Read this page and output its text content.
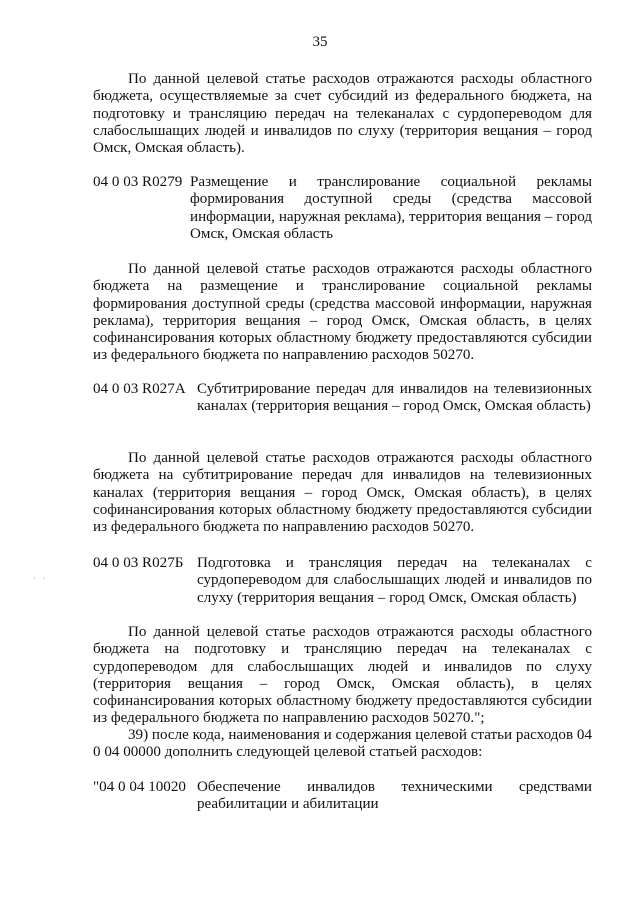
35
· ·
По данной целевой статье расходов отражаются расходы областного бюджета, осуществляемые за счет субсидий из федерального бюджета, на подготовку и трансляцию передач на телеканалах с сурдопереводом для слабослышащих людей и инвалидов по слуху (территория вещания – город Омск, Омская область).
04 0 03 R0279 Размещение и транслирование социальной рекламы формирования доступной среды (средства массовой информации, наружная реклама), территория вещания – город Омск, Омская область
По данной целевой статье расходов отражаются расходы областного бюджета на размещение и транслирование социальной рекламы формирования доступной среды (средства массовой информации, наружная реклама), территория вещания – город Омск, Омская область, в целях софинансирования которых областному бюджету предоставляются субсидии из федерального бюджета по направлению расходов 50270.
04 0 03 R027А Субтитрирование передач для инвалидов на телевизионных каналах (территория вещания – город Омск, Омская область)
По данной целевой статье расходов отражаются расходы областного бюджета на субтитрирование передач для инвалидов на телевизионных каналах (территория вещания – город Омск, Омская область), в целях софинансирования которых областному бюджету предоставляются субсидии из федерального бюджета по направлению расходов 50270.
04 0 03 R027Б Подготовка и трансляция передач на телеканалах с сурдопереводом для слабослышащих людей и инвалидов по слуху (территория вещания – город Омск, Омская область)
По данной целевой статье расходов отражаются расходы областного бюджета на подготовку и трансляцию передач на телеканалах с сурдопереводом для слабослышащих людей и инвалидов по слуху (территория вещания – город Омск, Омская область), в целях софинансирования которых областному бюджету предоставляются субсидии из федерального бюджета по направлению расходов 50270.";
39) после кода, наименования и содержания целевой статьи расходов 04 0 04 00000 дополнить следующей целевой статьей расходов:
"04 0 04 10020 Обеспечение инвалидов техническими средствами реабилитации и абилитации
